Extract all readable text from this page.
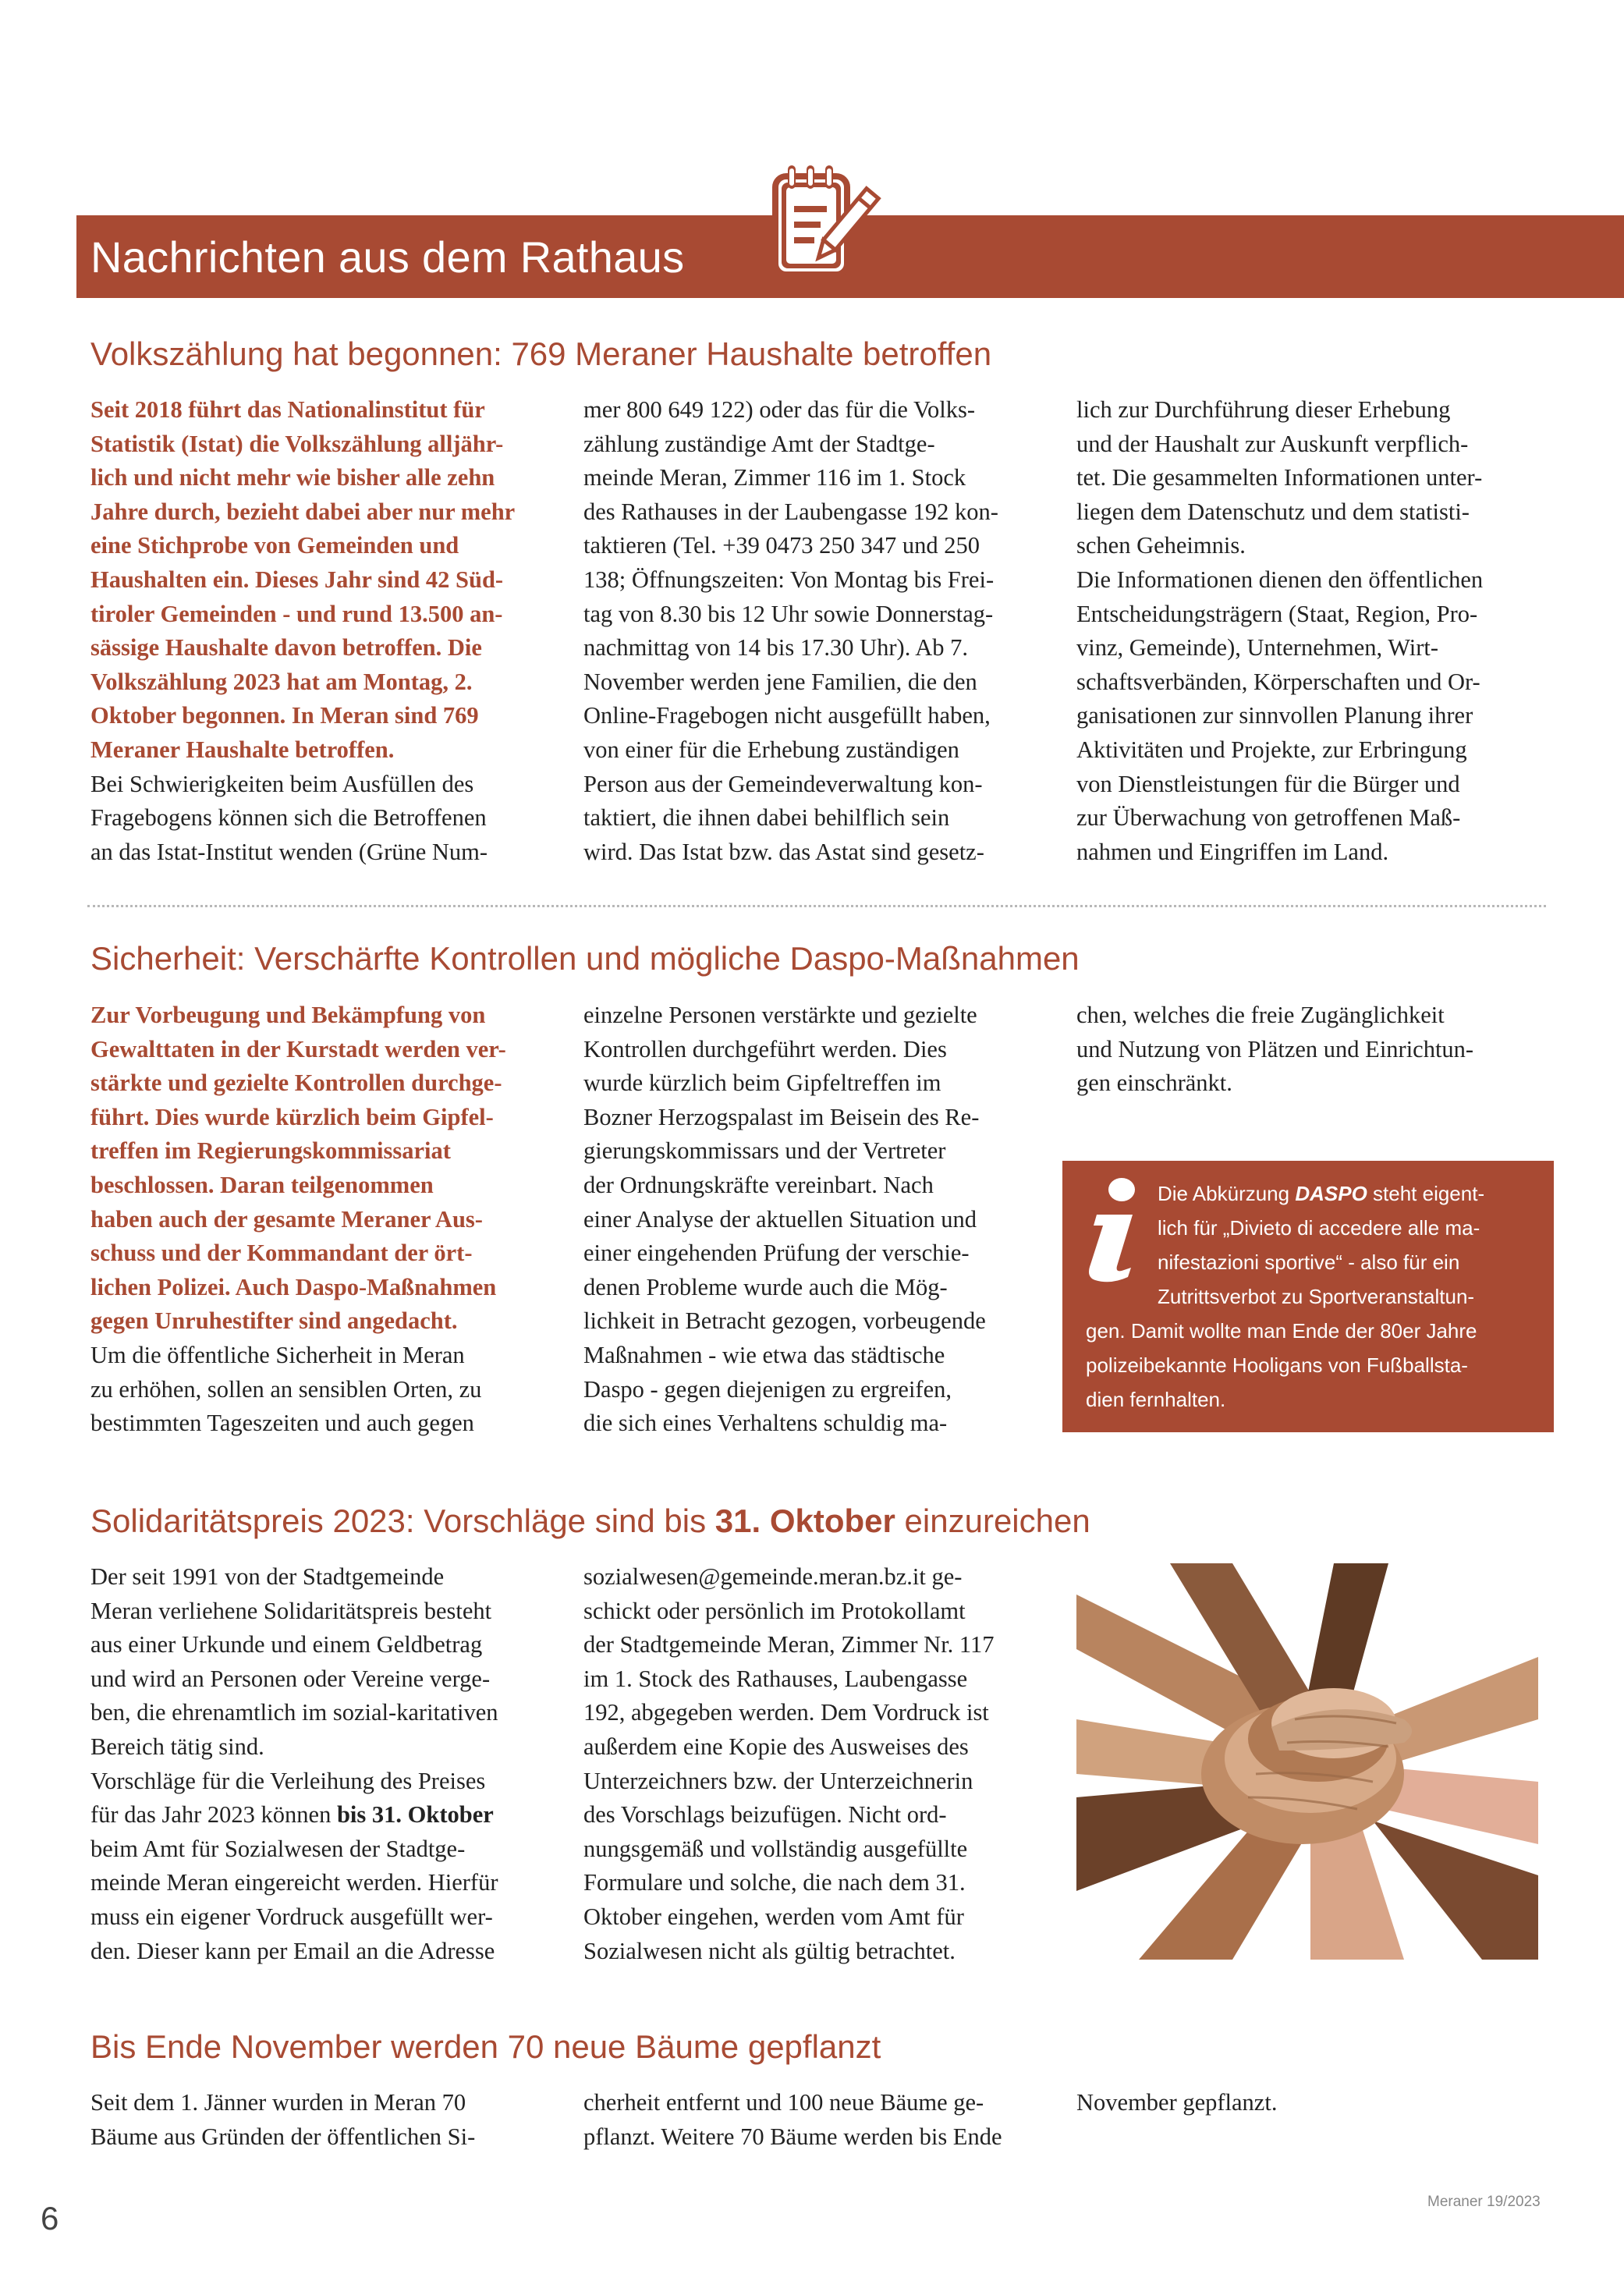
Nachrichten aus dem Rathaus
Volkszählung hat begonnen: 769 Meraner Haushalte betroffen
Seit 2018 führt das Nationalinstitut für
Statistik (Istat) die Volkszählung alljähr-
lich und nicht mehr wie bisher alle zehn
Jahre durch, bezieht dabei aber nur mehr
eine Stichprobe von Gemeinden und
Haushalten ein. Dieses Jahr sind 42 Süd-
tiroler Gemeinden - und rund 13.500 an-
sässige Haushalte davon betroffen. Die
Volkszählung 2023 hat am Montag, 2.
Oktober begonnen. In Meran sind 769
Meraner Haushalte betroffen.
Bei Schwierigkeiten beim Ausfüllen des
Fragebogens können sich die Betroffenen
an das Istat-Institut wenden (Grüne Num-
mer 800 649 122) oder das für die Volks-
zählung zuständige Amt der Stadtge-
meinde Meran, Zimmer 116 im 1. Stock
des Rathauses in der Laubengasse 192 kon-
taktieren (Tel. +39 0473 250 347 und 250
138; Öffnungszeiten: Von Montag bis Frei-
tag von 8.30 bis 12 Uhr sowie Donnerstag-
nachmittag von 14 bis 17.30 Uhr). Ab 7.
November werden jene Familien, die den
Online-Fragebogen nicht ausgefüllt haben,
von einer für die Erhebung zuständigen
Person aus der Gemeindeverwaltung kon-
taktiert, die ihnen dabei behilflich sein
wird. Das Istat bzw. das Astat sind gesetz-
lich zur Durchführung dieser Erhebung
und der Haushalt zur Auskunft verpflich-
tet. Die gesammelten Informationen unter-
liegen dem Datenschutz und dem statisti-
schen Geheimnis.
Die Informationen dienen den öffentlichen
Entscheidungsträgern (Staat, Region, Pro-
vinz, Gemeinde), Unternehmen, Wirt-
schaftsverbänden, Körperschaften und Or-
ganisationen zur sinnvollen Planung ihrer
Aktivitäten und Projekte, zur Erbringung
von Dienstleistungen für die Bürger und
zur Überwachung von getroffenen Maß-
nahmen und Eingriffen im Land.
Sicherheit: Verschärfte Kontrollen und mögliche Daspo-Maßnahmen
Zur Vorbeugung und Bekämpfung von
Gewalttaten in der Kurstadt werden ver-
stärkte und gezielte Kontrollen durchge-
führt. Dies wurde kürzlich beim Gipfel-
treffen im Regierungskommissariat
beschlossen. Daran teilgenommen
haben auch der gesamte Meraner Aus-
schuss und der Kommandant der ört-
lichen Polizei. Auch Daspo-Maßnahmen
gegen Unruhestifter sind angedacht.
Um die öffentliche Sicherheit in Meran
zu erhöhen, sollen an sensiblen Orten, zu
bestimmten Tageszeiten und auch gegen
einzelne Personen verstärkte und gezielte
Kontrollen durchgeführt werden. Dies
wurde kürzlich beim Gipfeltreffen im
Bozner Herzogspalast im Beisein des Re-
gierungskommissars und der Vertreter
der Ordnungskräfte vereinbart. Nach
einer Analyse der aktuellen Situation und
einer eingehenden Prüfung der verschie-
denen Probleme wurde auch die Mög-
lichkeit in Betracht gezogen, vorbeugende
Maßnahmen - wie etwa das städtische
Daspo - gegen diejenigen zu ergreifen,
die sich eines Verhaltens schuldig ma-
chen, welches die freie Zugänglichkeit
und Nutzung von Plätzen und Einrichtun-
gen einschränkt.
Die Abkürzung DASPO steht eigent-
lich für „Divieto di accedere alle ma-
nifestazioni sportive“ - also für ein
Zutrittsverbot zu Sportveranstaltun-
gen. Damit wollte man Ende der 80er Jahre
polizeibekannte Hooligans von Fußballsta-
dien fernhalten.
Solidaritätspreis 2023: Vorschläge sind bis 31. Oktober einzureichen
Der seit 1991 von der Stadtgemeinde
Meran verliehene Solidaritätspreis besteht
aus einer Urkunde und einem Geldbetrag
und wird an Personen oder Vereine verge-
ben, die ehrenamtlich im sozial-karitativen
Bereich tätig sind.
Vorschläge für die Verleihung des Preises
für das Jahr 2023 können bis 31. Oktober
beim Amt für Sozialwesen der Stadtge-
meinde Meran eingereicht werden. Hierfür
muss ein eigener Vordruck ausgefüllt wer-
den. Dieser kann per Email an die Adresse
sozialwesen@gemeinde.meran.bz.it ge-
schickt oder persönlich im Protokollamt
der Stadtgemeinde Meran, Zimmer Nr. 117
im 1. Stock des Rathauses, Laubengasse
192, abgegeben werden. Dem Vordruck ist
außerdem eine Kopie des Ausweises des
Unterzeichners bzw. der Unterzeichnerin
des Vorschlags beizufügen. Nicht ord-
nungsgemäß und vollständig ausgefüllte
Formulare und solche, die nach dem 31.
Oktober eingehen, werden vom Amt für
Sozialwesen nicht als gültig betrachtet.
Bis Ende November werden 70 neue Bäume gepflanzt
Seit dem 1. Jänner wurden in Meran 70
Bäume aus Gründen der öffentlichen Si-
cherheit entfernt und 100 neue Bäume ge-
pflanzt. Weitere 70 Bäume werden bis Ende
November gepflanzt.
6	Meraner 19/2023
